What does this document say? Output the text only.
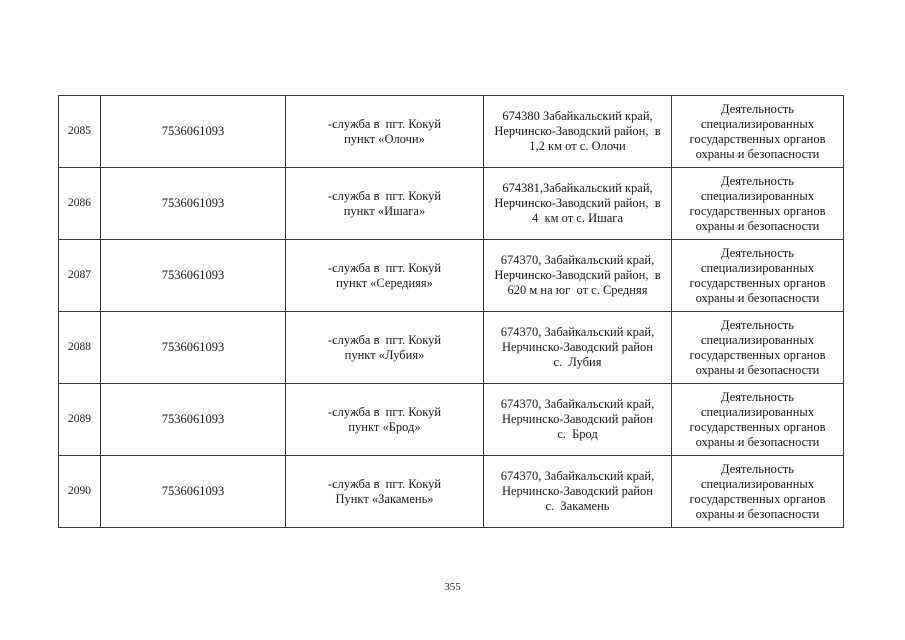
2085	7536061093	-служба в  пгт. Кокуй
пункт «Олочи»	674380 Забайкальский край,
Нерчинско-Заводский район,  в
1,2 км от с. Олочи	Деятельность
специализированных
государственных органов
охраны и безопасности

2086	7536061093	-служба в  пгт. Кокуй
пункт «Ишага»	674381,Забайкальский край,
Нерчинско-Заводский район,  в
4  км от с. Ишага	Деятельность
специализированных
государственных органов
охраны и безопасности

2087	7536061093	-служба в  пгт. Кокуй
пункт «Середияя»	674370, Забайкальский край,
Нерчинско-Заводский район,  в
620 м на юг  от с. Средняя	Деятельность
специализированных
государственных органов
охраны и безопасности

2088	7536061093	-служба в  пгт. Кокуй
пункт «Лубия»	674370, Забайкальский край,
Нерчинско-Заводский район
с.  Лубия	Деятельность
специализированных
государственных органов
охраны и безопасности

2089	7536061093	-служба в  пгт. Кокуй
пункт «Брод»	674370, Забайкальский край,
Нерчинско-Заводский район
с.  Брод	Деятельность
специализированных
государственных органов
охраны и безопасности

2090	7536061093	-служба в  пгт. Кокуй
Пункт «Закамень»	674370, Забайкальский край,
Нерчинско-Заводский район
с.  Закамень	Деятельность
специализированных
государственных органов
охраны и безопасности
355
